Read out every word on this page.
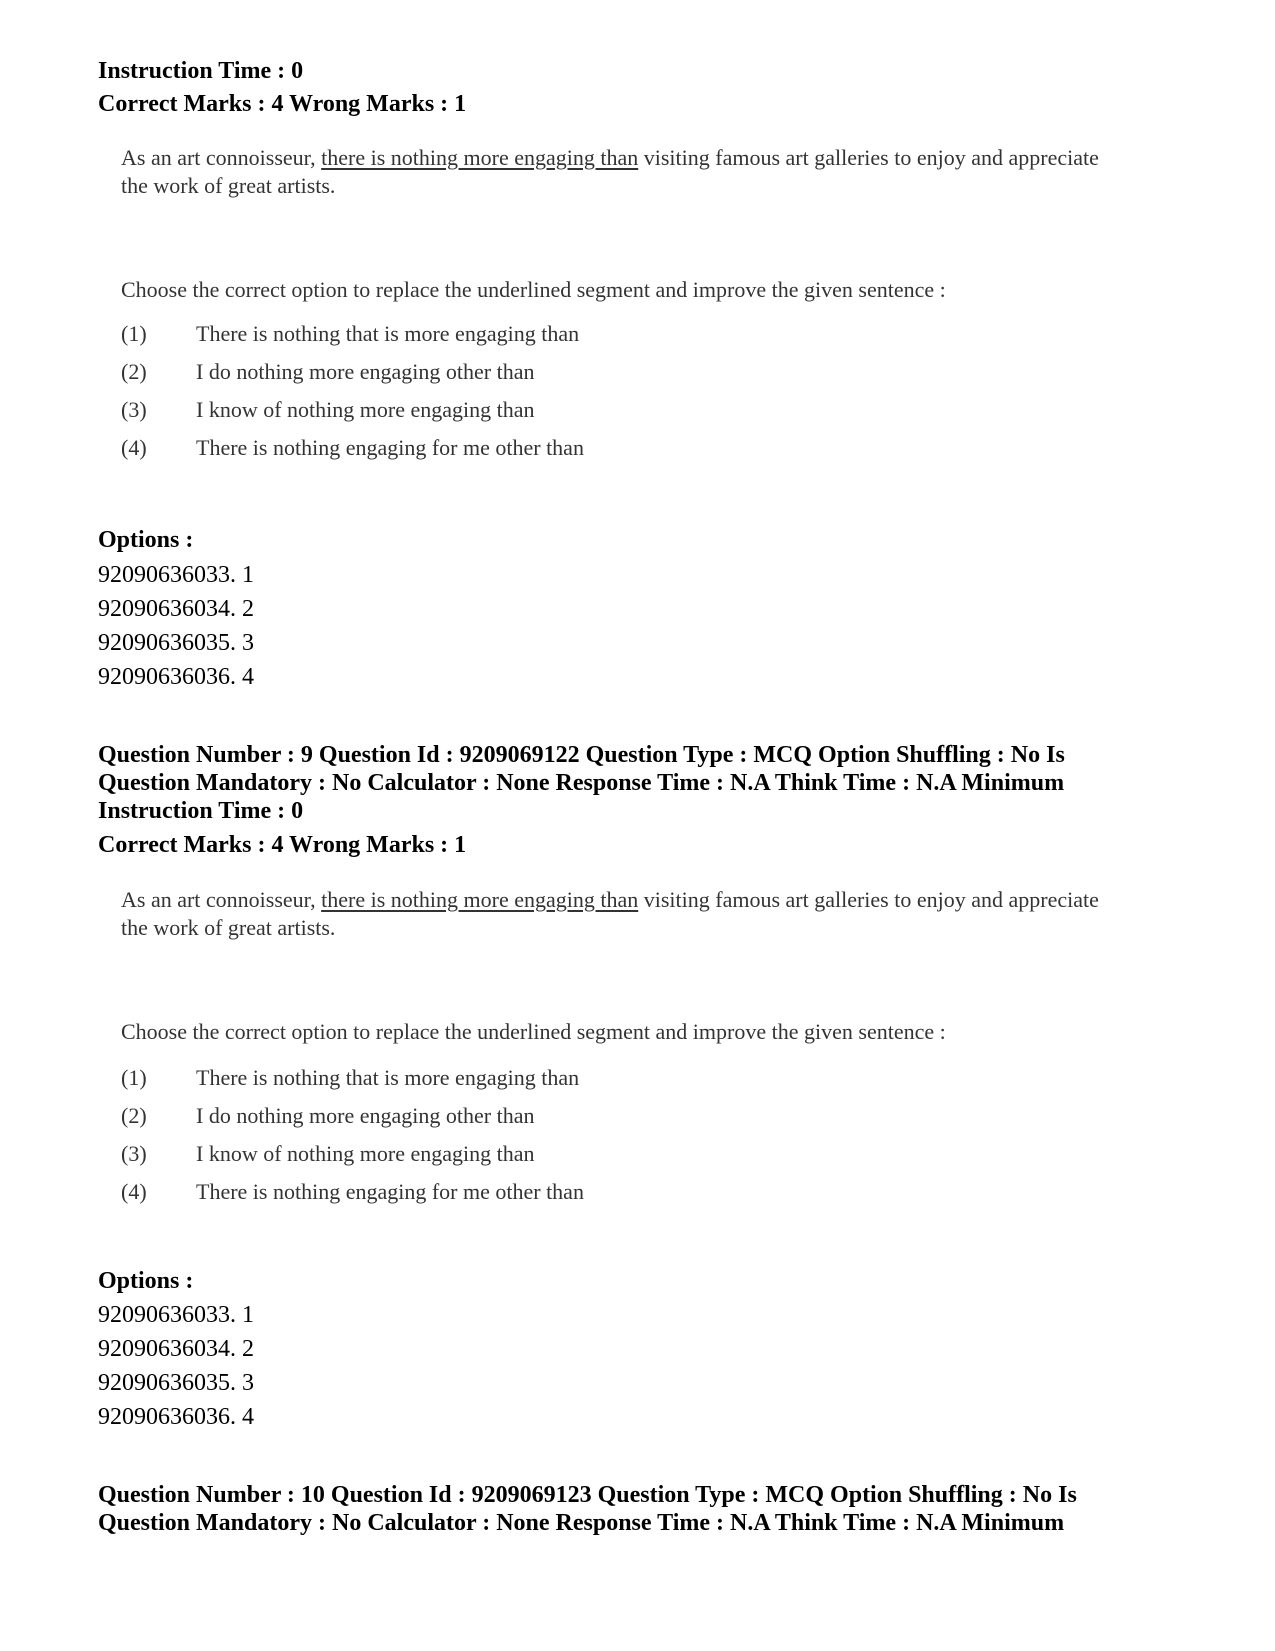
Instruction Time : 0

Correct Marks : 4 Wrong Marks : 1

As an art connoisseur, there is nothing more engaging than visiting famous art galleries to enjoy and appreciate the work of great artists.

Choose the correct option to replace the underlined segment and improve the given sentence :

(1)	There is nothing that is more engaging than
(2)	I do nothing more engaging other than
(3)	I know of nothing more engaging than
(4)	There is nothing engaging for me other than
Options :
92090636033. 1
92090636034. 2
92090636035. 3
92090636036. 4

Question Number : 9 Question Id : 9209069122 Question Type : MCQ Option Shuffling : No Is Question Mandatory : No Calculator : None Response Time : N.A Think Time : N.A Minimum Instruction Time : 0

Correct Marks : 4 Wrong Marks : 1

As an art connoisseur, there is nothing more engaging than visiting famous art galleries to enjoy and appreciate the work of great artists.

Choose the correct option to replace the underlined segment and improve the given sentence :

(1)	There is nothing that is more engaging than
(2)	I do nothing more engaging other than
(3)	I know of nothing more engaging than
(4)	There is nothing engaging for me other than
Options :
92090636033. 1
92090636034. 2
92090636035. 3
92090636036. 4

Question Number : 10 Question Id : 9209069123 Question Type : MCQ Option Shuffling : No Is Question Mandatory : No Calculator : None Response Time : N.A Think Time : N.A Minimum
